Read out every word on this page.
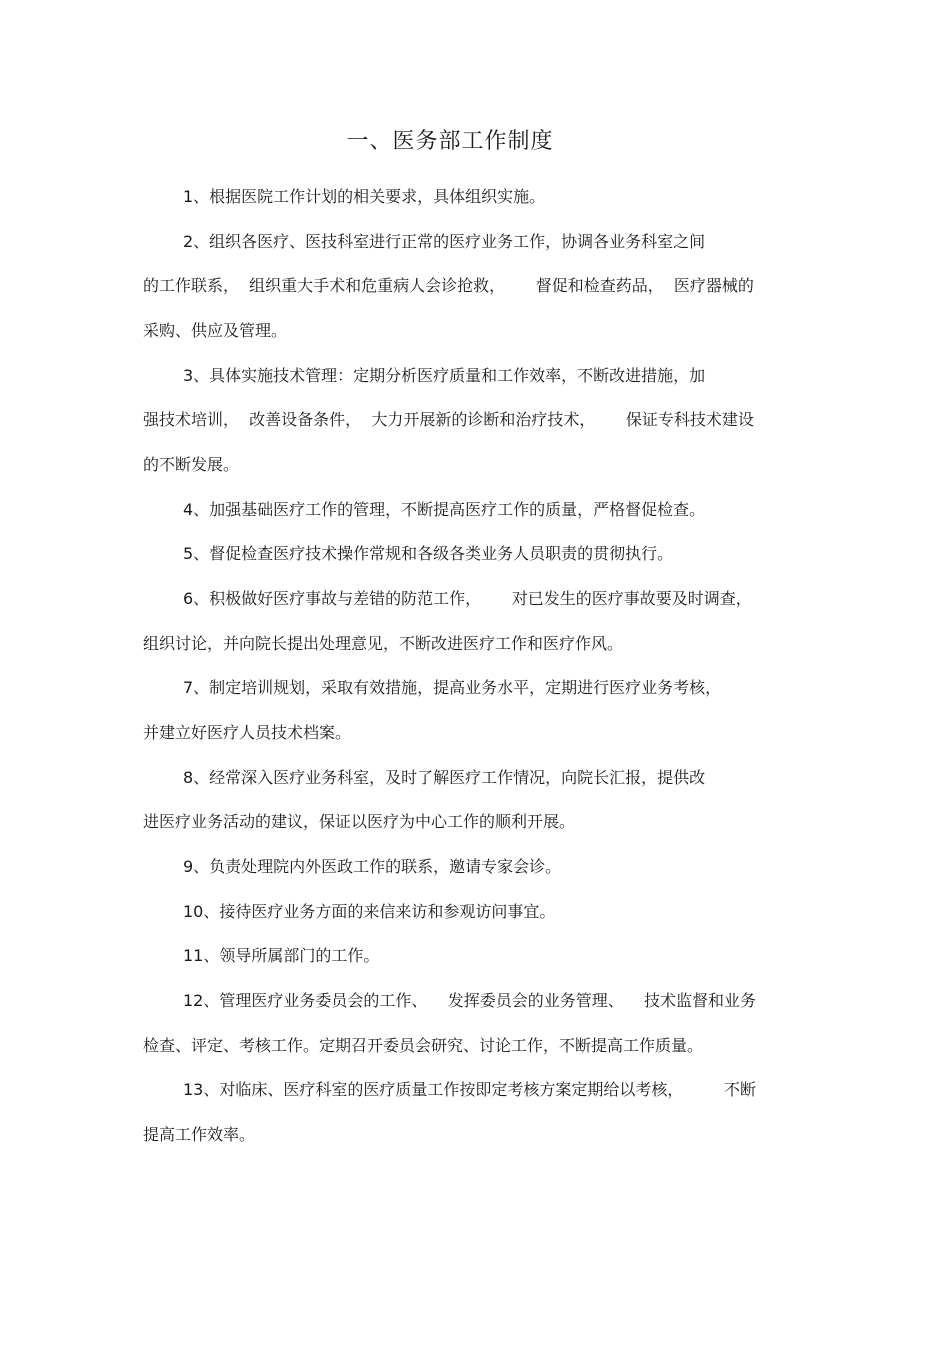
一、医务部工作制度
1、根据医院工作计划的相关要求，具体组织实施。
2、组织各医疗、医技科室进行正常的医疗业务工作，协调各业务科室之间
的工作联系，  组织重大手术和危重病人会诊抢救，      督促和检查药品，  医疗器械的
采购、供应及管理。
3、具体实施技术管理：定期分析医疗质量和工作效率，不断改进措施，加
强技术培训，  改善设备条件，  大力开展新的诊断和治疗技术，      保证专科技术建设
的不断发展。
4、加强基础医疗工作的管理，不断提高医疗工作的质量，严格督促检查。
5、督促检查医疗技术操作常规和各级各类业务人员职责的贯彻执行。
6、积极做好医疗事故与差错的防范工作，      对已发生的医疗事故要及时调查，
组织讨论，并向院长提出处理意见，不断改进医疗工作和医疗作风。
7、制定培训规划，采取有效措施，提高业务水平，定期进行医疗业务考核，
并建立好医疗人员技术档案。
8、经常深入医疗业务科室，及时了解医疗工作情况，向院长汇报，提供改
进医疗业务活动的建议，保证以医疗为中心工作的顺利开展。
9、负责处理院内外医政工作的联系，邀请专家会诊。
10、接待医疗业务方面的来信来访和参观访问事宜。
11、领导所属部门的工作。
12、管理医疗业务委员会的工作、    发挥委员会的业务管理、    技术监督和业务
检查、评定、考核工作。定期召开委员会研究、讨论工作，不断提高工作质量。
13、对临床、医疗科室的医疗质量工作按即定考核方案定期给以考核，        不断
提高工作效率。
